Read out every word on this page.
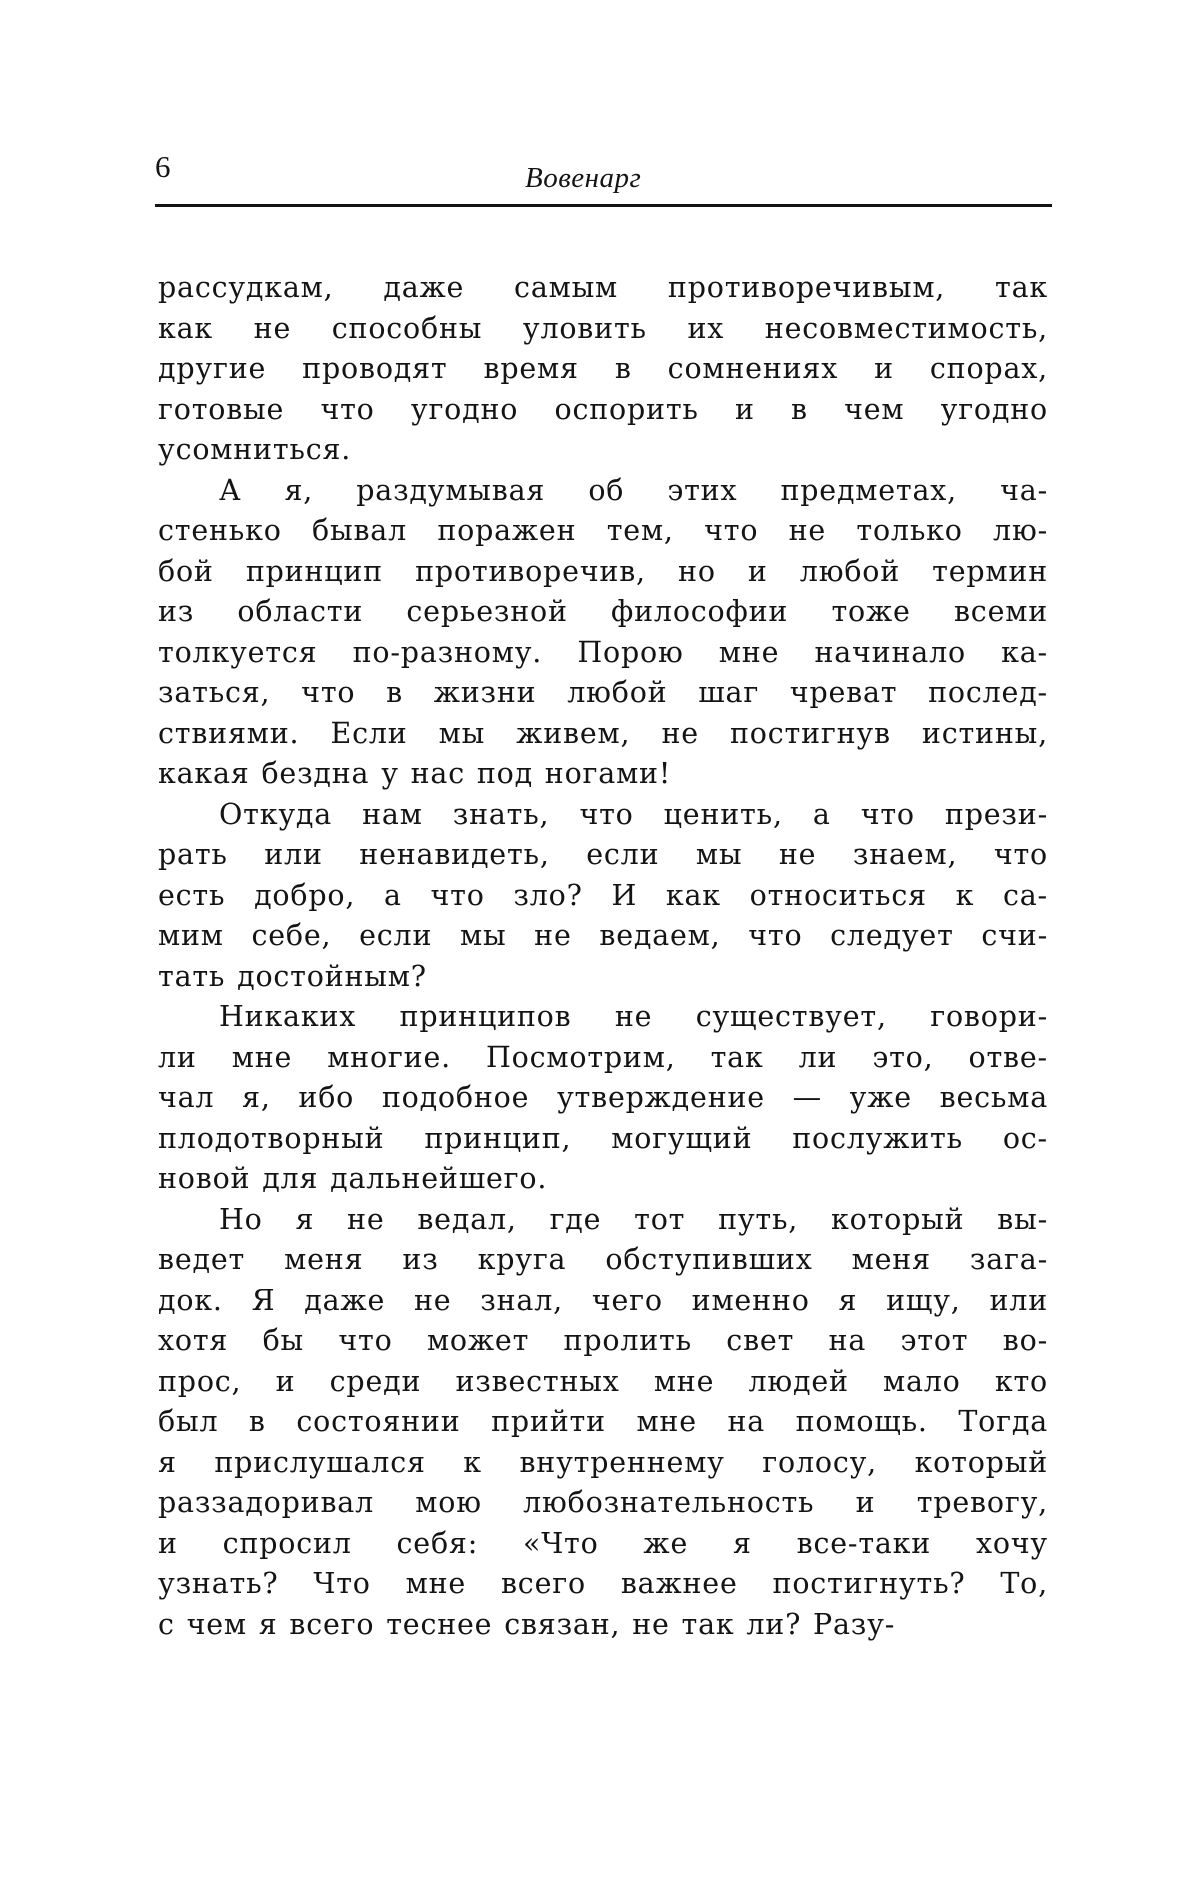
6	Вовенарг

рассудкам, даже самым противоречивым, так
как не способны уловить их несовместимость,
другие проводят время в сомнениях и спорах,
готовые что угодно оспорить и в чем угодно
усомниться.

А я, раздумывая об этих предметах, ча-
стенько бывал поражен тем, что не только лю-
бой принцип противоречив, но и любой термин
из области серьезной философии тоже всеми
толкуется по-разному. Порою мне начинало ка-
заться, что в жизни любой шаг чреват послед-
ствиями. Если мы живем, не постигнув истины,
какая бездна у нас под ногами!

Откуда нам знать, что ценить, а что прези-
рать или ненавидеть, если мы не знаем, что
есть добро, а что зло? И как относиться к са-
мим себе, если мы не ведаем, что следует счи-
тать достойным?

Никаких принципов не существует, говори-
ли мне многие. Посмотрим, так ли это, отве-
чал я, ибо подобное утверждение — уже весьма
плодотворный принцип, могущий послужить ос-
новой для дальнейшего.

Но я не ведал, где тот путь, который вы-
ведет меня из круга обступивших меня зага-
док. Я даже не знал, чего именно я ищу, или
хотя бы что может пролить свет на этот во-
прос, и среди известных мне людей мало кто
был в состоянии прийти мне на помощь. Тогда
я прислушался к внутреннему голосу, который
раззадоривал мою любознательность и тревогу,
и спросил себя: «Что же я все-таки хочу
узнать? Что мне всего важнее постигнуть? То,
с чем я всего теснее связан, не так ли? Разу-
